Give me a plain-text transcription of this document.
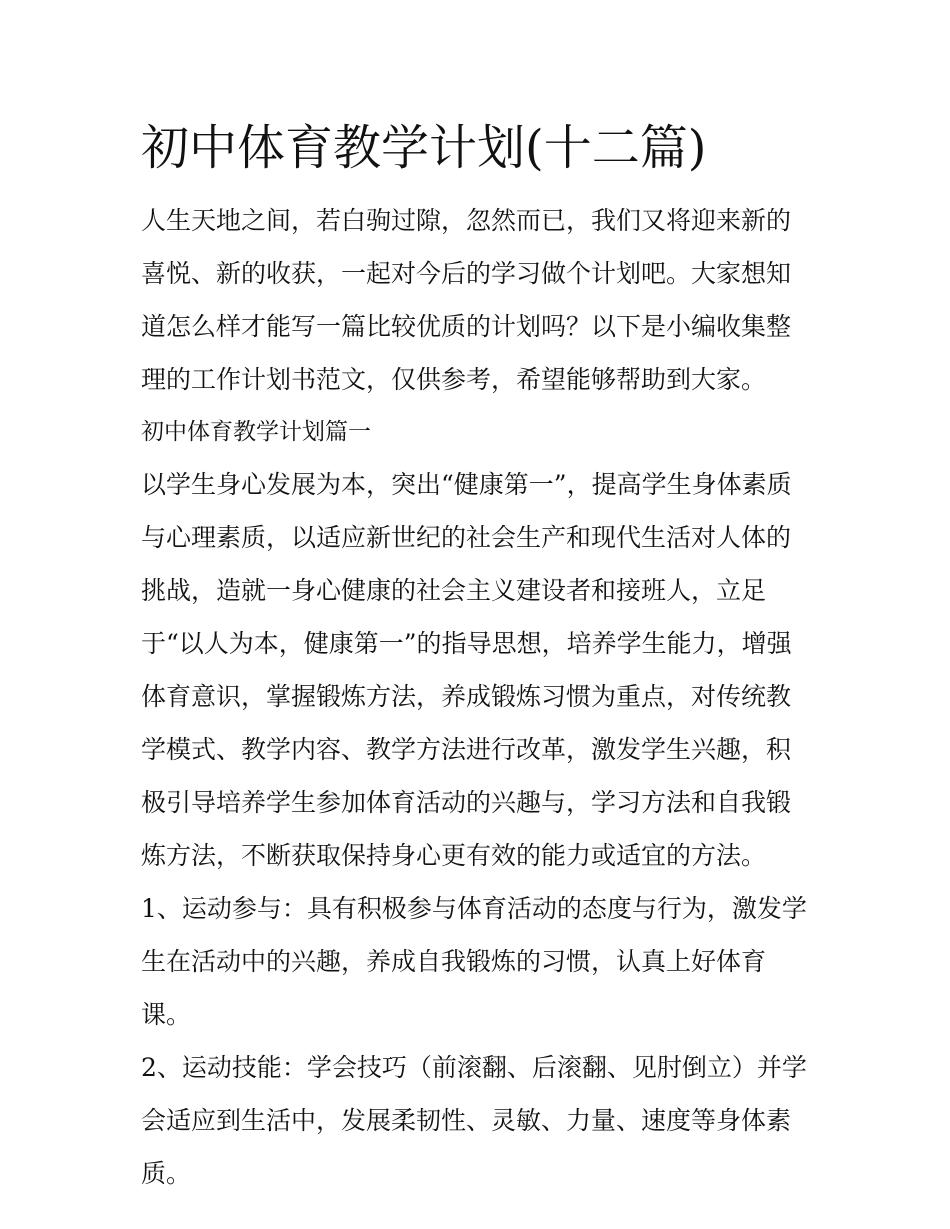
初中体育教学计划(十二篇)

人生天地之间，若白驹过隙，忽然而已，我们又将迎来新的喜悦、新的收获，一起对今后的学习做个计划吧。大家想知道怎么样才能写一篇比较优质的计划吗？以下是小编收集整理的工作计划书范文，仅供参考，希望能够帮助到大家。

初中体育教学计划篇一

以学生身心发展为本，突出“健康第一”，提高学生身体素质与心理素质，以适应新世纪的社会生产和现代生活对人体的挑战，造就一身心健康的社会主义建设者和接班人，立足于“以人为本，健康第一”的指导思想，培养学生能力，增强体育意识，掌握锻炼方法，养成锻炼习惯为重点，对传统教学模式、教学内容、教学方法进行改革，激发学生兴趣，积极引导培养学生参加体育活动的兴趣与，学习方法和自我锻炼方法，不断获取保持身心更有效的能力或适宜的方法。

1、运动参与：具有积极参与体育活动的态度与行为，激发学生在活动中的兴趣，养成自我锻炼的习惯，认真上好体育课。

2、运动技能：学会技巧（前滚翻、后滚翻、见肘倒立）并学会适应到生活中，发展柔韧性、灵敏、力量、速度等身体素质。
